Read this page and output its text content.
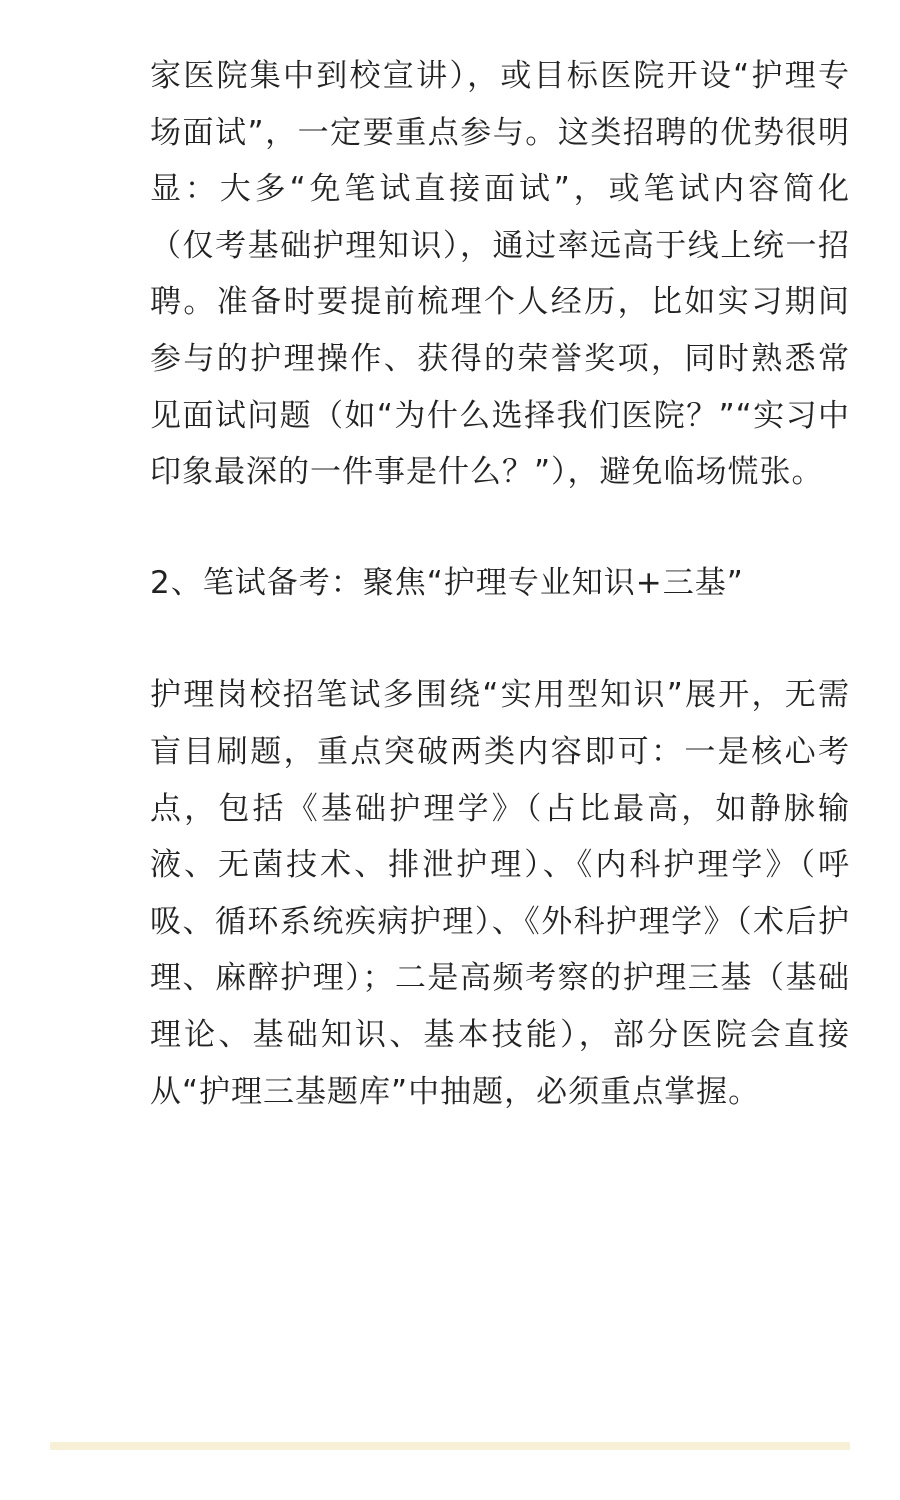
家医院集中到校宣讲），或目标医院开设“护理专场面试”，一定要重点参与。这类招聘的优势很明显：大多“免笔试直接面试”，或笔试内容简化（仅考基础护理知识），通过率远高于线上统一招聘。准备时要提前梳理个人经历，比如实习期间参与的护理操作、获得的荣誉奖项，同时熟悉常见面试问题（如“为什么选择我们医院？”“实习中印象最深的一件事是什么？”），避免临场慌张。

2、笔试备考：聚焦“护理专业知识+三基”

护理岗校招笔试多围绕“实用型知识”展开，无需盲目刷题，重点突破两类内容即可：一是核心考点，包括《基础护理学》（占比最高，如静脉输液、无菌技术、排泄护理）、《内科护理学》（呼吸、循环系统疾病护理）、《外科护理学》（术后护理、麻醉护理）；二是高频考察的护理三基（基础理论、基础知识、基本技能），部分医院会直接从“护理三基题库”中抽题，必须重点掌握。
